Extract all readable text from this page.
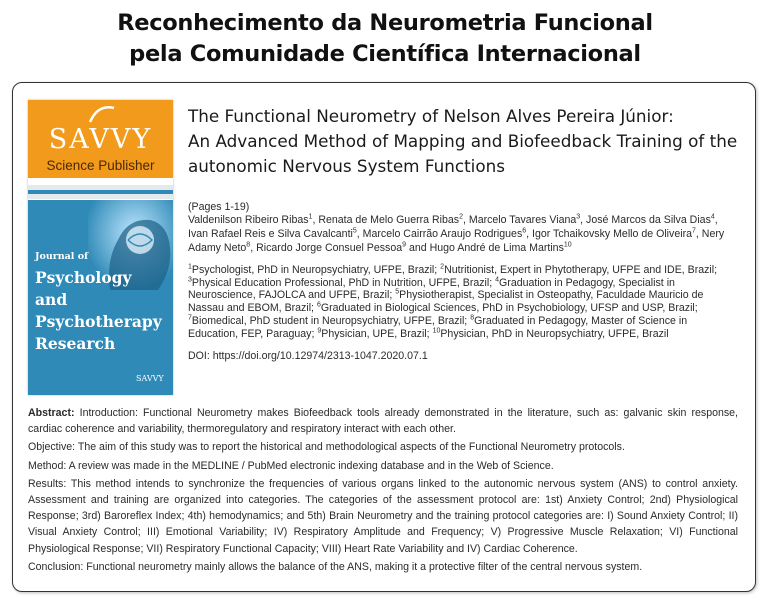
Reconhecimento da Neurometria Funcional
pela Comunidade Científica Internacional
SAVVY
Science Publisher
Journal of
Psychology and
Psychotherapy Research
SAVVY
The Functional Neurometry of Nelson Alves Pereira Júnior:
An Advanced Method of Mapping and Biofeedback Training of the
autonomic Nervous System Functions
(Pages 1-19)
Valdenilson Ribeiro Ribas$^1$, Renata de Melo Guerra Ribas$^2$, Marcelo Tavares Viana$^3$, José Marcos da Silva Dias$^4$, Ivan Rafael Reis e Silva Cavalcanti$^5$, Marcelo Cairrão Araujo Rodrigues$^6$, Igor Tchaikovsky Mello de Oliveira$^7$, Nery Adamy Neto$^8$, Ricardo Jorge Consuel Pessoa$^9$ and Hugo André de Lima Martins$^{10}$
$^1$Psychologist, PhD in Neuropsychiatry, UFPE, Brazil; $^2$Nutritionist, Expert in Phytotherapy, UFPE and IDE, Brazil; $^3$Physical Education Professional, PhD in Nutrition, UFPE, Brazil; $^4$Graduation in Pedagogy, Specialist in Neuroscience, FAJOLCA and UFPE, Brazil; $^5$Physiotherapist, Specialist in Osteopathy, Faculdade Mauricio de Nassau and EBOM, Brazil; $^6$Graduated in Biological Sciences, PhD in Psychobiology, UFSP and USP, Brazil; $^7$Biomedical, PhD student in Neuropsychiatry, UFPE, Brazil; $^8$Graduated in Pedagogy, Master of Science in Education, FEP, Paraguay; $^9$Physician, UPE, Brazil; $^{10}$Physician, PhD in Neuropsychiatry, UFPE, Brazil
DOI: https://doi.org/10.12974/2313-1047.2020.07.1

Abstract: Introduction: Functional Neurometry makes Biofeedback tools already demonstrated in the literature, such as: galvanic skin response, cardiac coherence and variability, thermoregulatory and respiratory interact with each other.

Objective: The aim of this study was to report the historical and methodological aspects of the Functional Neurometry protocols.

Method: A review was made in the MEDLINE / PubMed electronic indexing database and in the Web of Science.

Results: This method intends to synchronize the frequencies of various organs linked to the autonomic nervous system (ANS) to control anxiety. Assessment and training are organized into categories. The categories of the assessment protocol are: 1st) Anxiety Control; 2nd) Physiological Response; 3rd) Baroreflex Index; 4th) hemodynamics; and 5th) Brain Neurometry and the training protocol categories are: I) Sound Anxiety Control; II) Visual Anxiety Control; III) Emotional Variability; IV) Respiratory Amplitude and Frequency; V) Progressive Muscle Relaxation; VI) Functional Physiological Response; VII) Respiratory Functional Capacity; VIII) Heart Rate Variability and IV) Cardiac Coherence.

Conclusion: Functional neurometry mainly allows the balance of the ANS, making it a protective filter of the central nervous system.
